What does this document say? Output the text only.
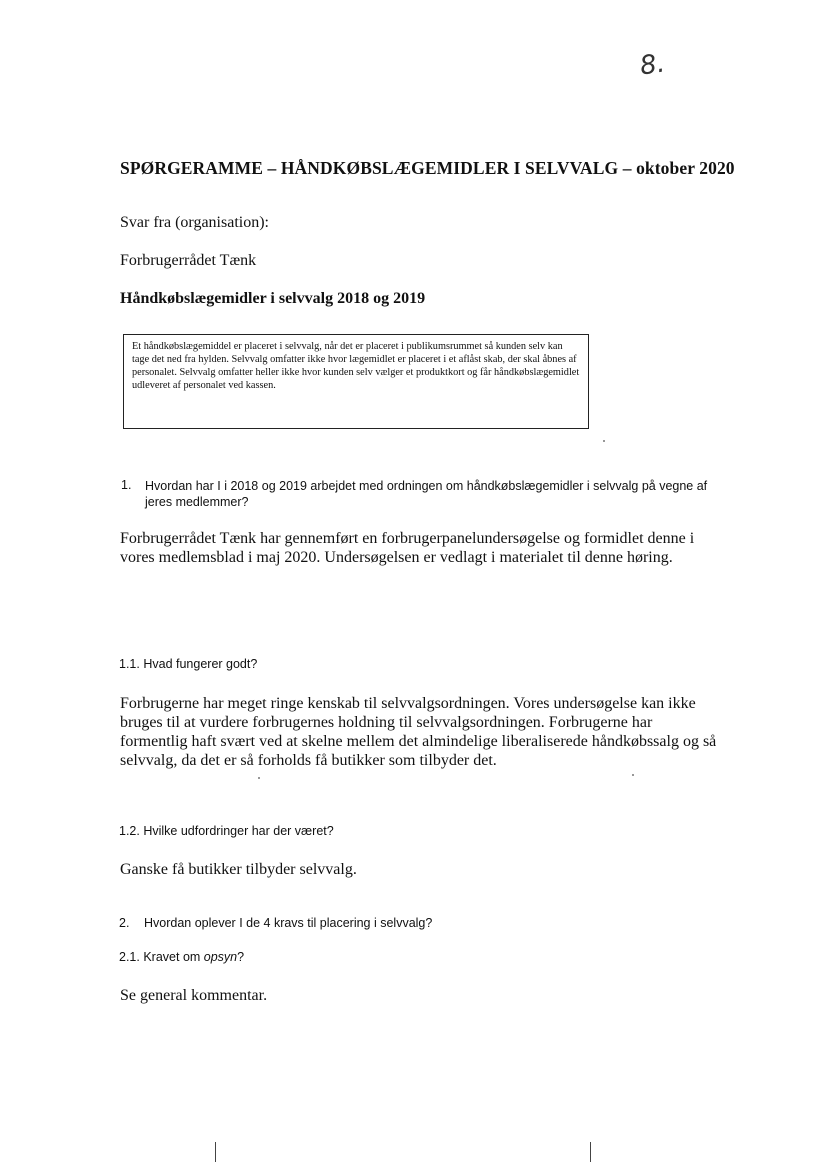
8.
SPØRGERAMME – HÅNDKØBSLÆGEMIDLER I SELVVALG – oktober 2020
Svar fra (organisation):
Forbrugerrådet Tænk
Håndkøbslægemidler i selvvalg 2018 og 2019
Et håndkøbslægemiddel er placeret i selvvalg, når det er placeret i publikumsrummet så kunden selv kan tage det ned fra hylden. Selvvalg omfatter ikke hvor lægemidlet er placeret i et aflåst skab, der skal åbnes af personalet. Selvvalg omfatter heller ikke hvor kunden selv vælger et produktkort og får håndkøbslægemidlet udleveret af personalet ved kassen.
1. Hvordan har I i 2018 og 2019 arbejdet med ordningen om håndkøbslægemidler i selvvalg på vegne af jeres medlemmer?
Forbrugerrådet Tænk har gennemført en forbrugerpanelundersøgelse og formidlet denne i vores medlemsblad i maj 2020. Undersøgelsen er vedlagt i materialet til denne høring.
1.1. Hvad fungerer godt?
Forbrugerne har meget ringe kenskab til selvvalgsordningen. Vores undersøgelse kan ikke bruges til at vurdere forbrugernes holdning til selvvalgsordningen. Forbrugerne har formentlig haft svært ved at skelne mellem det almindelige liberaliserede håndkøbssalg og så selvvalg, da det er så forholds få butikker som tilbyder det.
1.2. Hvilke udfordringer har der været?
Ganske få butikker tilbyder selvvalg.
2. Hvordan oplever I de 4 kravs til placering i selvvalg?
2.1. Kravet om opsyn?
Se general kommentar.
